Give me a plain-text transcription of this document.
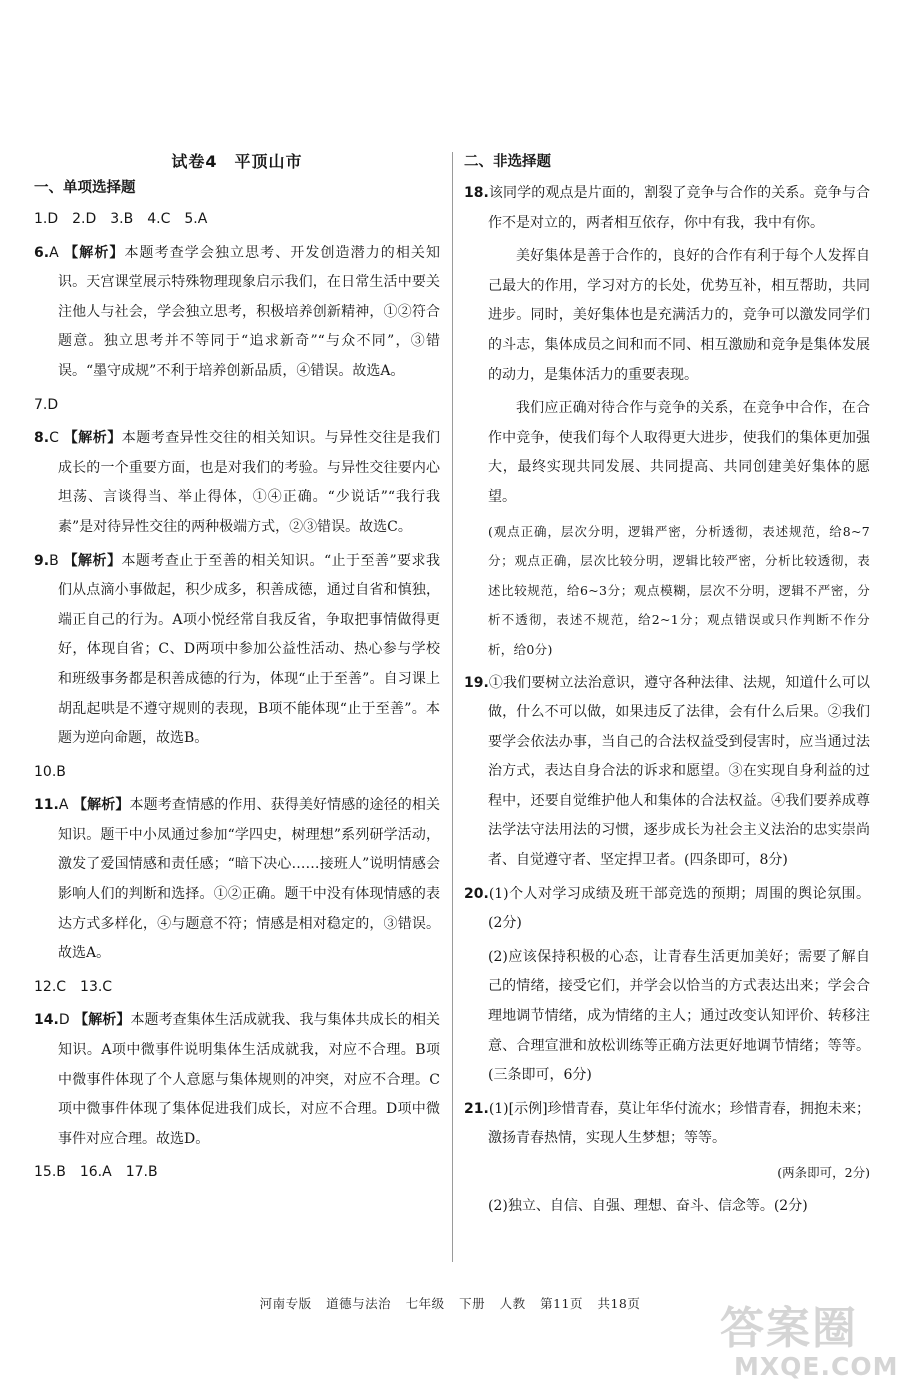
试卷4　平顶山市
一、单项选择题
1.D　2.D　3.B　4.C　5.A
6.A 【解析】本题考查学会独立思考、开发创造潜力的相关知识。天宫课堂展示特殊物理现象启示我们，在日常生活中要关注他人与社会，学会独立思考，积极培养创新精神，①②符合题意。独立思考并不等同于“追求新奇”“与众不同”，③错误。“墨守成规”不利于培养创新品质，④错误。故选A。
7.D
8.C 【解析】本题考查异性交往的相关知识。与异性交往是我们成长的一个重要方面，也是对我们的考验。与异性交往要内心坦荡、言谈得当、举止得体，①④正确。“少说话”“我行我素”是对待异性交往的两种极端方式，②③错误。故选C。
9.B 【解析】本题考查止于至善的相关知识。“止于至善”要求我们从点滴小事做起，积少成多，积善成德，通过自省和慎独，端正自己的行为。A项小悦经常自我反省，争取把事情做得更好，体现自省；C、D两项中参加公益性活动、热心参与学校和班级事务都是积善成德的行为，体现“止于至善”。自习课上胡乱起哄是不遵守规则的表现，B项不能体现“止于至善”。本题为逆向命题，故选B。
10.B
11.A 【解析】本题考查情感的作用、获得美好情感的途径的相关知识。题干中小凤通过参加“学四史，树理想”系列研学活动，激发了爱国情感和责任感；“暗下决心……接班人”说明情感会影响人们的判断和选择。①②正确。题干中没有体现情感的表达方式多样化，④与题意不符；情感是相对稳定的，③错误。故选A。
12.C　13.C
14.D 【解析】本题考查集体生活成就我、我与集体共成长的相关知识。A项中微事件说明集体生活成就我，对应不合理。B项中微事件体现了个人意愿与集体规则的冲突，对应不合理。C项中微事件体现了集体促进我们成长，对应不合理。D项中微事件对应合理。故选D。
15.B　16.A　17.B
二、非选择题
18.该同学的观点是片面的，割裂了竞争与合作的关系。竞争与合作不是对立的，两者相互依存，你中有我，我中有你。
美好集体是善于合作的，良好的合作有利于每个人发挥自己最大的作用，学习对方的长处，优势互补，相互帮助，共同进步。同时，美好集体也是充满活力的，竞争可以激发同学们的斗志，集体成员之间和而不同、相互激励和竞争是集体发展的动力，是集体活力的重要表现。
我们应正确对待合作与竞争的关系，在竞争中合作，在合作中竞争，使我们每个人取得更大进步，使我们的集体更加强大，最终实现共同发展、共同提高、共同创建美好集体的愿望。
(观点正确，层次分明，逻辑严密，分析透彻，表述规范，给8~7分；观点正确，层次比较分明，逻辑比较严密，分析比较透彻，表述比较规范，给6~3分；观点模糊，层次不分明，逻辑不严密，分析不透彻，表述不规范，给2~1分；观点错误或只作判断不作分析，给0分)
19.①我们要树立法治意识，遵守各种法律、法规，知道什么可以做，什么不可以做，如果违反了法律，会有什么后果。②我们要学会依法办事，当自己的合法权益受到侵害时，应当通过法治方式，表达自身合法的诉求和愿望。③在实现自身利益的过程中，还要自觉维护他人和集体的合法权益。④我们要养成尊法学法守法用法的习惯，逐步成长为社会主义法治的忠实崇尚者、自觉遵守者、坚定捍卫者。(四条即可，8分)
20.(1)个人对学习成绩及班干部竞选的预期；周围的舆论氛围。(2分)
(2)应该保持积极的心态，让青春生活更加美好；需要了解自己的情绪，接受它们，并学会以恰当的方式表达出来；学会合理地调节情绪，成为情绪的主人；通过改变认知评价、转移注意、合理宣泄和放松训练等正确方法更好地调节情绪；等等。(三条即可，6分)
21.(1)[示例]珍惜青春，莫让年华付流水；珍惜青春，拥抱未来；激扬青春热情，实现人生梦想；等等。
(两条即可，2分)
(2)独立、自信、自强、理想、奋斗、信念等。(2分)
河南专版 道德与法治 七年级 下册 人教 第11页 共18页	答案圈
MXQE.COM
